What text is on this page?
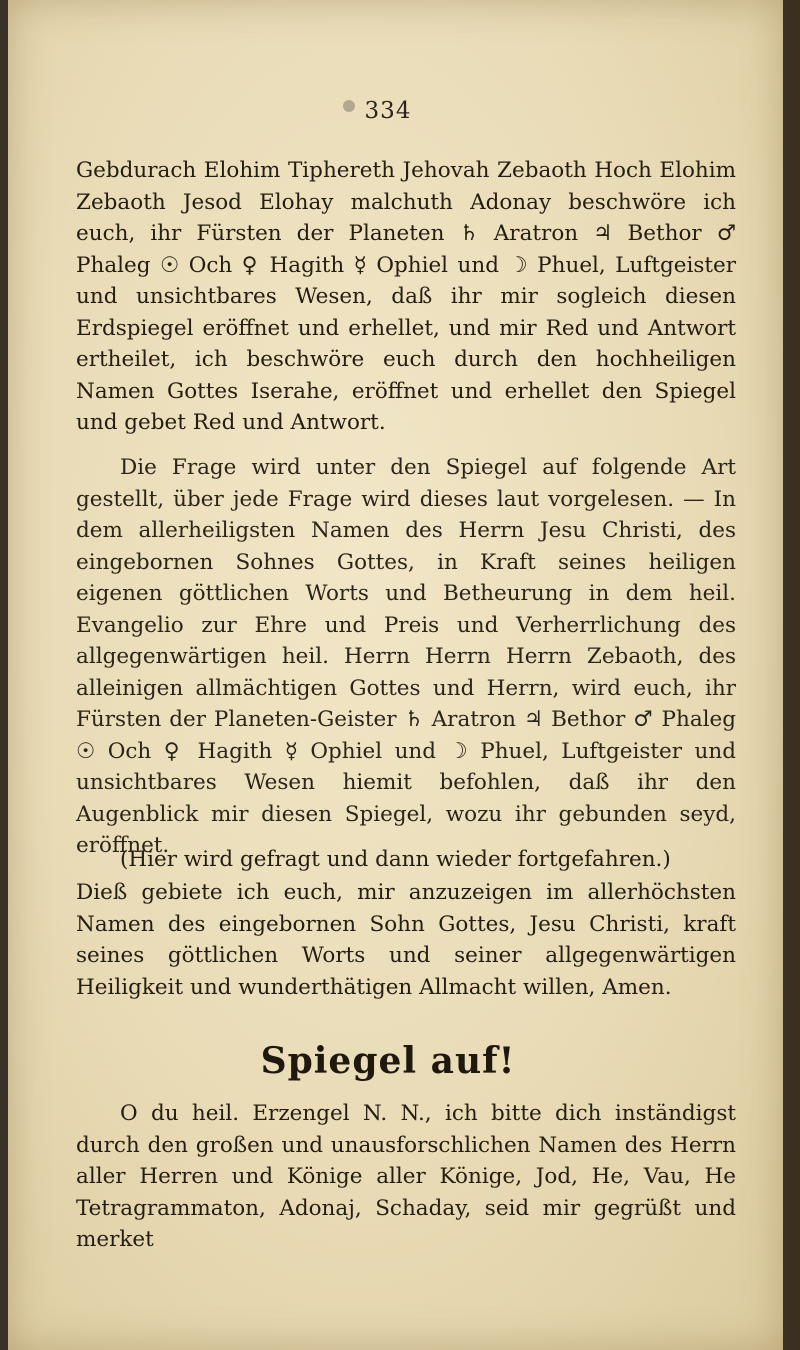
334

Gebdurach Elohim Tiphereth Jehovah Zebaoth Hoch Elohim Zebaoth Jesod Elohay malchuth Adonay beschwöre ich euch, ihr Fürsten der Planeten ♄ Aratron ♃ Bethor ♂ Phaleg ☉ Och ♀ Hagith ☿ Ophiel und ☽ Phuel, Luftgeister und unsichtbares Wesen, daß ihr mir sogleich diesen Erdspiegel eröffnet und erhellet, und mir Red und Antwort ertheilet, ich beschwöre euch durch den hochheiligen Namen Gottes Iserahe, eröffnet und erhellet den Spiegel und gebet Red und Antwort.

Die Frage wird unter den Spiegel auf folgende Art gestellt, über jede Frage wird dieses laut vorgelesen. — In dem allerheiligsten Namen des Herrn Jesu Christi, des eingebornen Sohnes Gottes, in Kraft seines heiligen eigenen göttlichen Worts und Betheurung in dem heil. Evangelio zur Ehre und Preis und Verherrlichung des allgegenwärtigen heil. Herrn Herrn Herrn Zebaoth, des alleinigen allmächtigen Gottes und Herrn, wird euch, ihr Fürsten der Planeten-Geister ♄ Aratron ♃ Bethor ♂ Phaleg ☉ Och ♀ Hagith ☿ Ophiel und ☽ Phuel, Luftgeister und unsichtbares Wesen hiemit befohlen, daß ihr den Augenblick mir diesen Spiegel, wozu ihr gebunden seyd, eröffnet.

(Hier wird gefragt und dann wieder fortgefahren.)

Dieß gebiete ich euch, mir anzuzeigen im allerhöchsten Namen des eingebornen Sohn Gottes, Jesu Christi, kraft seines göttlichen Worts und seiner allgegenwärtigen Heiligkeit und wunderthätigen Allmacht willen, Amen.

Spiegel auf!

O du heil. Erzengel N. N., ich bitte dich inständigst durch den großen und unausforschlichen Namen des Herrn aller Herren und Könige aller Könige, Jod, He, Vau, He Tetragrammaton, Adonaj, Schaday, seid mir gegrüßt und merket
